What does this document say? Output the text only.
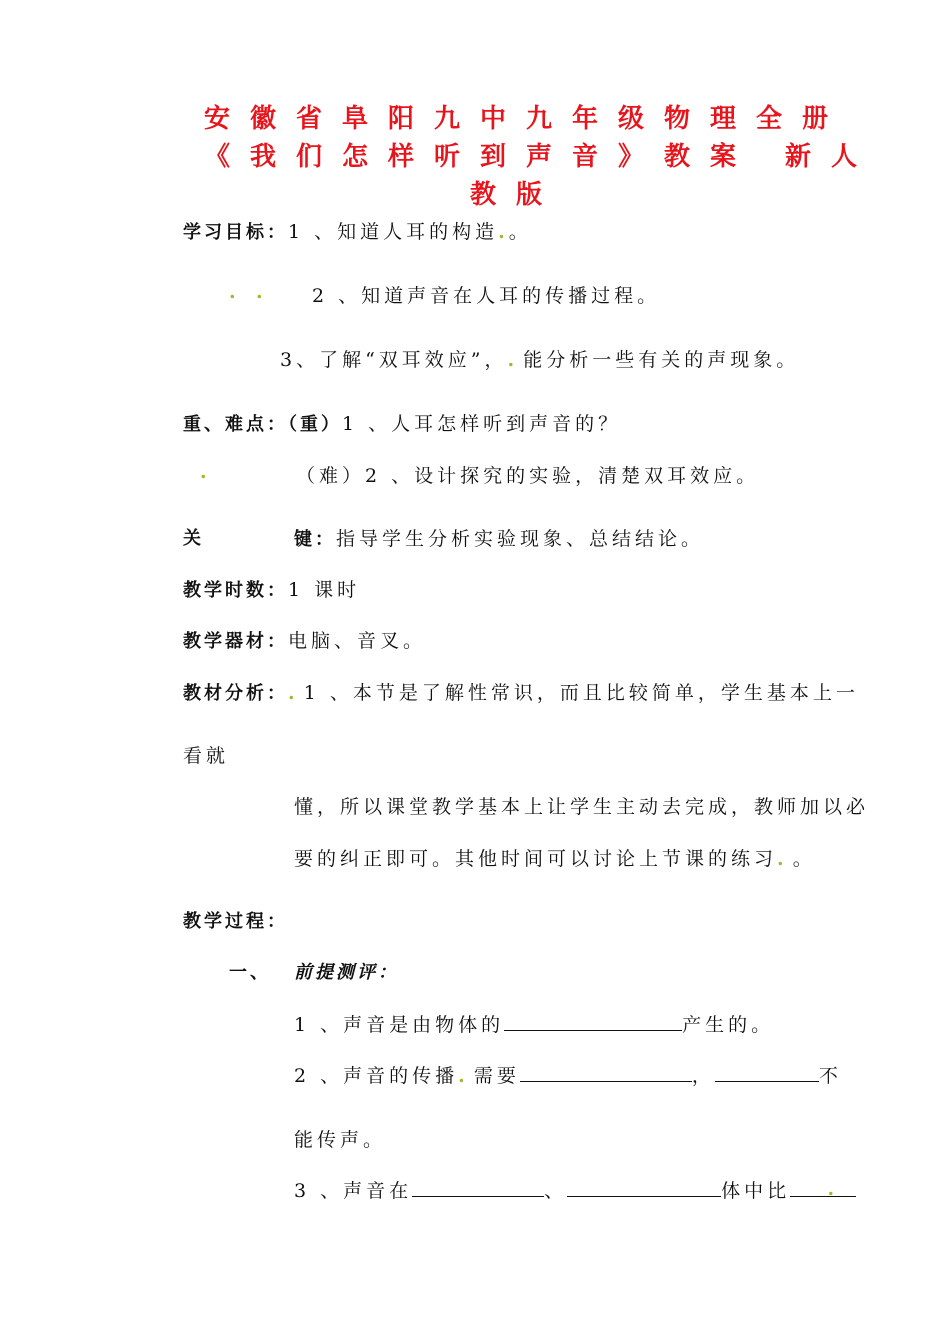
安徽省阜阳九中九年级物理全册
《我们怎样听到声音》教案 新人
教版
学习目标：1 、知道人耳的构造.。
. . 2 、知道声音在人耳的传播过程。
3、了解“双耳效应”，. 能分析一些有关的声现象。
重、难点：（重）1 、人耳怎样听到声音的？
.	（难）2 、设计探究的实验，清楚双耳效应。
关	键：指导学生分析实验现象、总结结论。
教学时数：1 课时
教学器材：电脑、音叉。
教材分析：. 1 、本节是了解性常识，而且比较简单，学生基本上一
看就
懂，所以课堂教学基本上让学生主动去完成，教师加以必
要的纠正即可。其他时间可以讨论上节课的练习. 。
教学过程：
一、 前提测评：
1 、声音是由物体的	产生的。
2 、声音的传播. 需要	，	不
能传声。
3 、声音在	、	体中比 .
